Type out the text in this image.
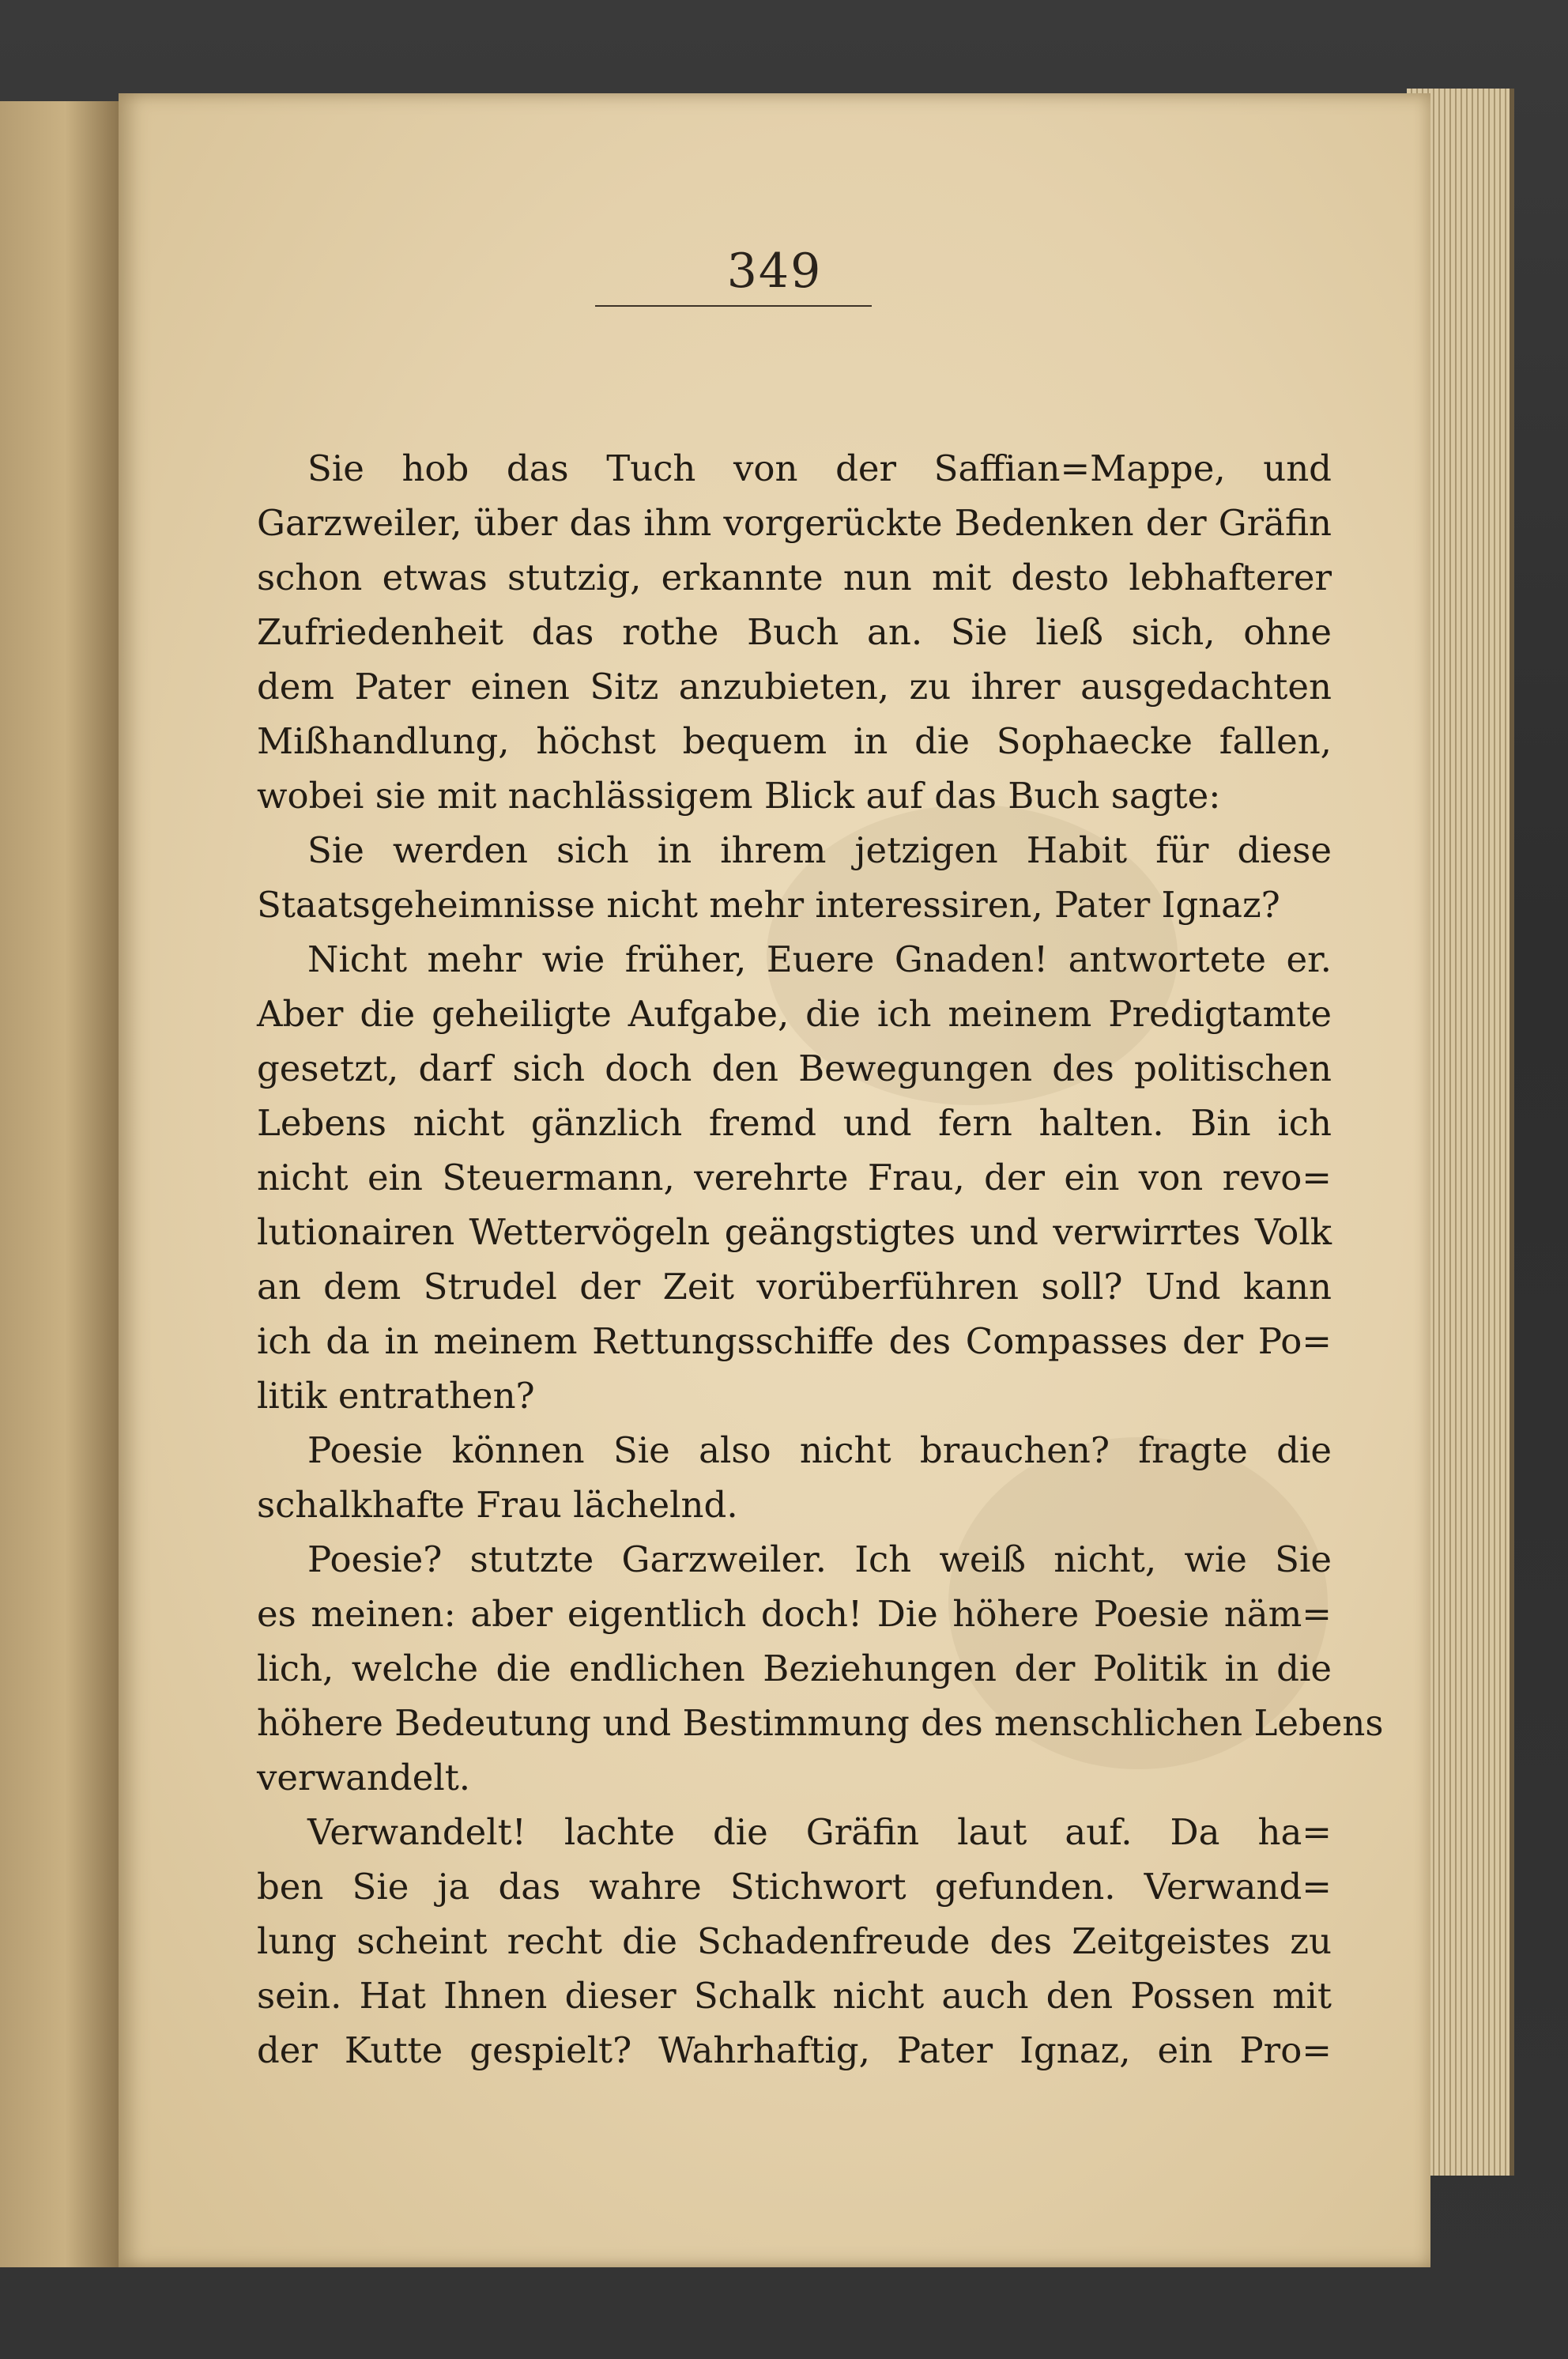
349
Sie hob das Tuch von der Saffian=Mappe, und
Garzweiler, über das ihm vorgerückte Bedenken der Gräfin
schon etwas stutzig, erkannte nun mit desto lebhafterer
Zufriedenheit das rothe Buch an. Sie ließ sich, ohne
dem Pater einen Sitz anzubieten, zu ihrer ausgedachten
Mißhandlung, höchst bequem in die Sophaecke fallen,
wobei sie mit nachlässigem Blick auf das Buch sagte:
Sie werden sich in ihrem jetzigen Habit für diese
Staatsgeheimnisse nicht mehr interessiren, Pater Ignaz?
Nicht mehr wie früher, Euere Gnaden! antwortete er.
Aber die geheiligte Aufgabe, die ich meinem Predigtamte
gesetzt, darf sich doch den Bewegungen des politischen
Lebens nicht gänzlich fremd und fern halten. Bin ich
nicht ein Steuermann, verehrte Frau, der ein von revo=
lutionairen Wettervögeln geängstigtes und verwirrtes Volk
an dem Strudel der Zeit vorüberführen soll? Und kann
ich da in meinem Rettungsschiffe des Compasses der Po=
litik entrathen?
Poesie können Sie also nicht brauchen? fragte die
schalkhafte Frau lächelnd.
Poesie? stutzte Garzweiler. Ich weiß nicht, wie Sie
es meinen: aber eigentlich doch! Die höhere Poesie näm=
lich, welche die endlichen Beziehungen der Politik in die
höhere Bedeutung und Bestimmung des menschlichen Lebens
verwandelt.
Verwandelt! lachte die Gräfin laut auf. Da ha=
ben Sie ja das wahre Stichwort gefunden. Verwand=
lung scheint recht die Schadenfreude des Zeitgeistes zu
sein. Hat Ihnen dieser Schalk nicht auch den Possen mit
der Kutte gespielt? Wahrhaftig, Pater Ignaz, ein Pro=
